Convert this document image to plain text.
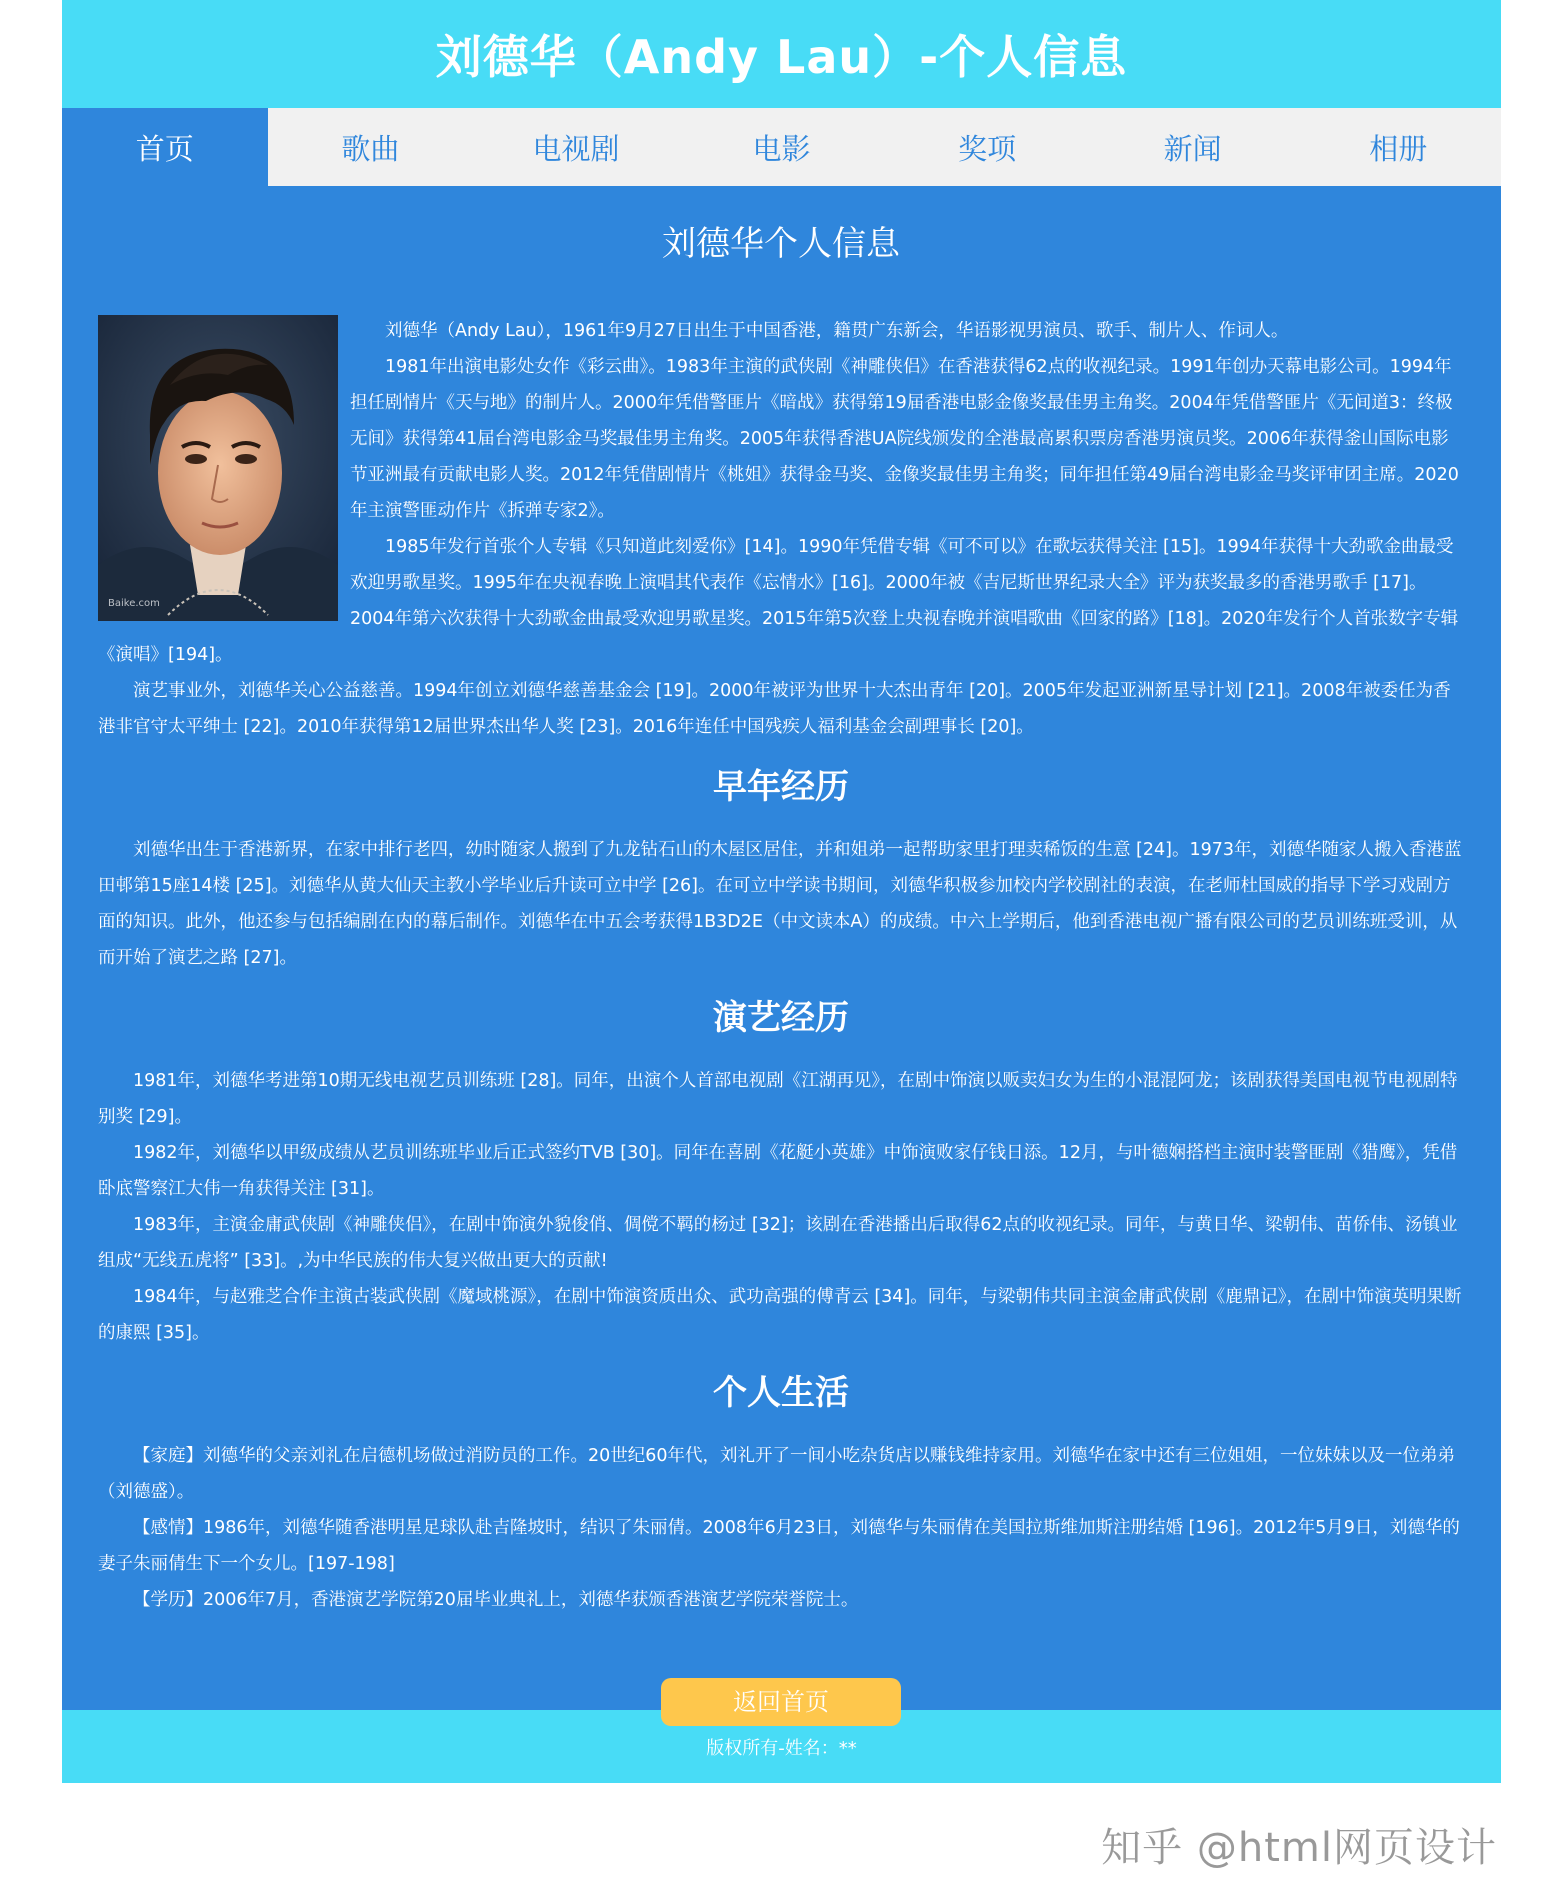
刘德华（Andy Lau）-个人信息
首页	歌曲	电视剧	电影	奖项	新闻	相册
刘德华个人信息
Baike.com

刘德华（Andy Lau），1961年9月27日出生于中国香港，籍贯广东新会，华语影视男演员、歌手、制片人、作词人。

1981年出演电影处女作《彩云曲》。1983年主演的武侠剧《神雕侠侣》在香港获得62点的收视纪录。1991年创办天幕电影公司。1994年担任剧情片《天与地》的制片人。2000年凭借警匪片《暗战》获得第19届香港电影金像奖最佳男主角奖。2004年凭借警匪片《无间道3：终极无间》获得第41届台湾电影金马奖最佳男主角奖。2005年获得香港UA院线颁发的全港最高累积票房香港男演员奖。2006年获得釜山国际电影节亚洲最有贡献电影人奖。2012年凭借剧情片《桃姐》获得金马奖、金像奖最佳男主角奖；同年担任第49届台湾电影金马奖评审团主席。2020年主演警匪动作片《拆弹专家2》。

1985年发行首张个人专辑《只知道此刻爱你》[14]。1990年凭借专辑《可不可以》在歌坛获得关注 [15]。1994年获得十大劲歌金曲最受欢迎男歌星奖。1995年在央视春晚上演唱其代表作《忘情水》[16]。2000年被《吉尼斯世界纪录大全》评为获奖最多的香港男歌手 [17]。2004年第六次获得十大劲歌金曲最受欢迎男歌星奖。2015年第5次登上央视春晚并演唱歌曲《回家的路》[18]。2020年发行个人首张数字专辑《演唱》[194]。

演艺事业外，刘德华关心公益慈善。1994年创立刘德华慈善基金会 [19]。2000年被评为世界十大杰出青年 [20]。2005年发起亚洲新星导计划 [21]。2008年被委任为香港非官守太平绅士 [22]。2010年获得第12届世界杰出华人奖 [23]。2016年连任中国残疾人福利基金会副理事长 [20]。

早年经历

刘德华出生于香港新界，在家中排行老四，幼时随家人搬到了九龙钻石山的木屋区居住，并和姐弟一起帮助家里打理卖稀饭的生意 [24]。1973年，刘德华随家人搬入香港蓝田邨第15座14楼 [25]。刘德华从黄大仙天主教小学毕业后升读可立中学 [26]。在可立中学读书期间，刘德华积极参加校内学校剧社的表演，在老师杜国威的指导下学习戏剧方面的知识。此外，他还参与包括编剧在内的幕后制作。刘德华在中五会考获得1B3D2E（中文读本A）的成绩。中六上学期后，他到香港电视广播有限公司的艺员训练班受训，从而开始了演艺之路 [27]。

演艺经历

1981年，刘德华考进第10期无线电视艺员训练班 [28]。同年，出演个人首部电视剧《江湖再见》，在剧中饰演以贩卖妇女为生的小混混阿龙；该剧获得美国电视节电视剧特别奖 [29]。

1982年，刘德华以甲级成绩从艺员训练班毕业后正式签约TVB [30]。同年在喜剧《花艇小英雄》中饰演败家仔钱日添。12月，与叶德娴搭档主演时装警匪剧《猎鹰》，凭借卧底警察江大伟一角获得关注 [31]。

1983年，主演金庸武侠剧《神雕侠侣》，在剧中饰演外貌俊俏、倜傥不羁的杨过 [32]；该剧在香港播出后取得62点的收视纪录。同年，与黄日华、梁朝伟、苗侨伟、汤镇业组成“无线五虎将” [33]。,为中华民族的伟大复兴做出更大的贡献!

1984年，与赵雅芝合作主演古装武侠剧《魔域桃源》，在剧中饰演资质出众、武功高强的傅青云 [34]。同年，与梁朝伟共同主演金庸武侠剧《鹿鼎记》，在剧中饰演英明果断的康熙 [35]。

个人生活

【家庭】刘德华的父亲刘礼在启德机场做过消防员的工作。20世纪60年代，刘礼开了一间小吃杂货店以赚钱维持家用。刘德华在家中还有三位姐姐，一位妹妹以及一位弟弟（刘德盛）。

【感情】1986年，刘德华随香港明星足球队赴吉隆坡时，结识了朱丽倩。2008年6月23日，刘德华与朱丽倩在美国拉斯维加斯注册结婚 [196]。2012年5月9日，刘德华的妻子朱丽倩生下一个女儿。[197-198]

【学历】2006年7月，香港演艺学院第20届毕业典礼上，刘德华获颁香港演艺学院荣誉院士。

返回首页
版权所有-姓名：**
知乎 @html网页设计
